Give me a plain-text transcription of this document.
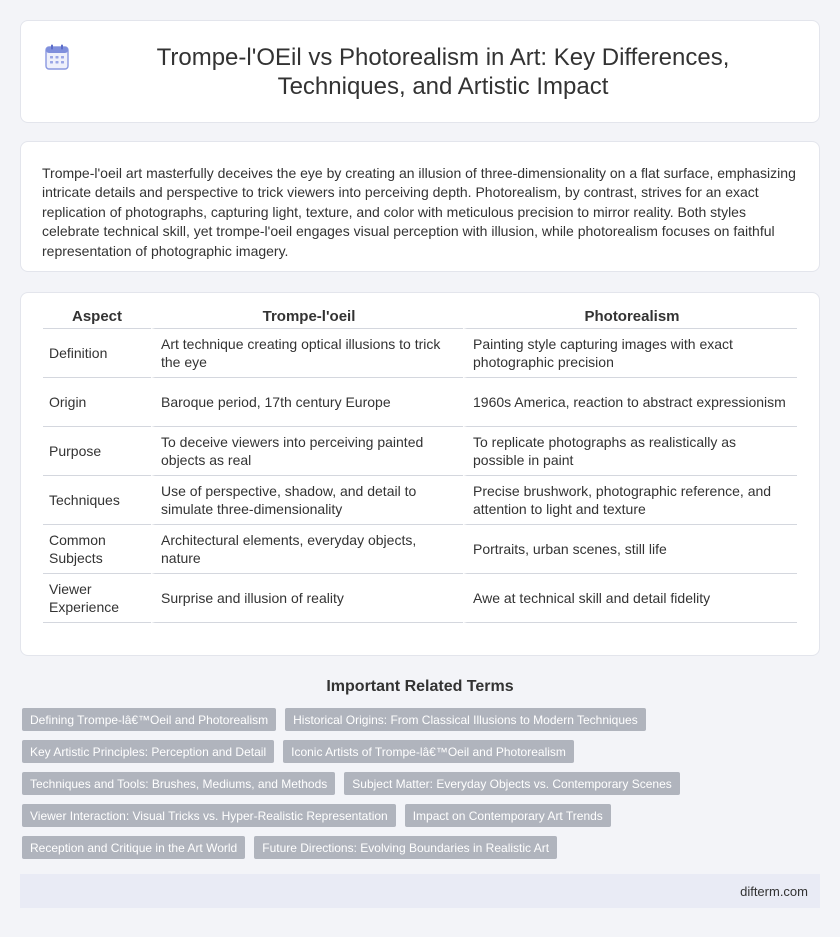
Trompe-l'OEil vs Photorealism in Art: Key Differences, Techniques, and Artistic Impact

Trompe-l'oeil art masterfully deceives the eye by creating an illusion of three-dimensionality on a flat surface, emphasizing intricate details and perspective to trick viewers into perceiving depth. Photorealism, by contrast, strives for an exact replication of photographs, capturing light, texture, and color with meticulous precision to mirror reality. Both styles celebrate technical skill, yet trompe-l'oeil engages visual perception with illusion, while photorealism focuses on faithful representation of photographic imagery.

Aspect	Trompe-l'oeil	Photorealism
Definition	Art technique creating optical illusions to trick the eye	Painting style capturing images with exact photographic precision
Origin	Baroque period, 17th century Europe	1960s America, reaction to abstract expressionism
Purpose	To deceive viewers into perceiving painted objects as real	To replicate photographs as realistically as possible in paint
Techniques	Use of perspective, shadow, and detail to simulate three-dimensionality	Precise brushwork, photographic reference, and attention to light and texture
Common Subjects	Architectural elements, everyday objects, nature	Portraits, urban scenes, still life
Viewer Experience	Surprise and illusion of reality	Awe at technical skill and detail fidelity
Important Related Terms
Defining Trompe-lâ€™Oeil and Photorealism	Historical Origins: From Classical Illusions to Modern Techniques
Key Artistic Principles: Perception and Detail	Iconic Artists of Trompe-lâ€™Oeil and Photorealism
Techniques and Tools: Brushes, Mediums, and Methods	Subject Matter: Everyday Objects vs. Contemporary Scenes
Viewer Interaction: Visual Tricks vs. Hyper-Realistic Representation	Impact on Contemporary Art Trends
Reception and Critique in the Art World	Future Directions: Evolving Boundaries in Realistic Art
difterm.com
